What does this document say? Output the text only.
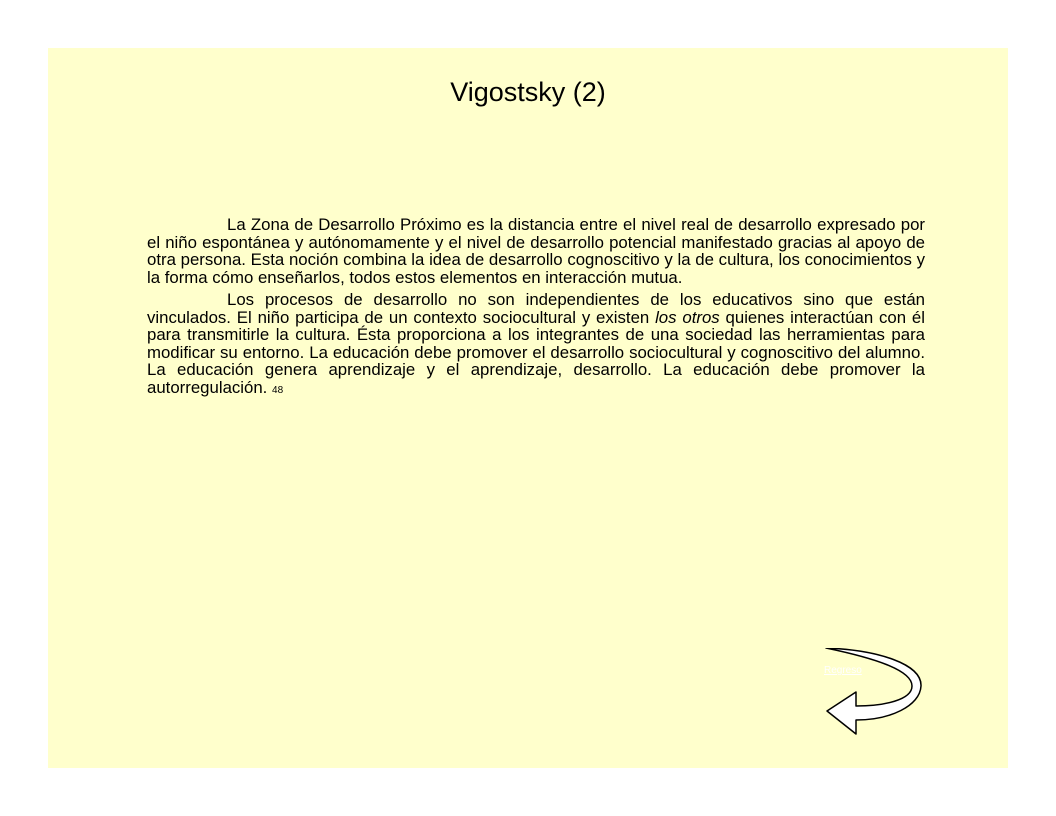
Vigostsky (2)

La Zona de Desarrollo Próximo es la distancia entre el nivel real de desarrollo expresado por el niño espontánea y autónomamente y el nivel de desarrollo potencial manifestado gracias al apoyo de otra persona. Esta noción combina la idea de desarrollo cognoscitivo y la de cultura, los conocimientos y la forma cómo enseñarlos, todos estos elementos en interacción mutua.

Los procesos de desarrollo no son independientes de los educativos sino que están vinculados. El niño participa de un contexto sociocultural y existen los otros quienes interactúan con él para transmitirle la cultura. Ésta proporciona a los integrantes de una sociedad las herramientas para modificar su entorno. La educación debe promover el desarrollo sociocultural y cognoscitivo del alumno. La educación genera aprendizaje y el aprendizaje, desarrollo. La educación debe promover la autorregulación. 48

Regreso
